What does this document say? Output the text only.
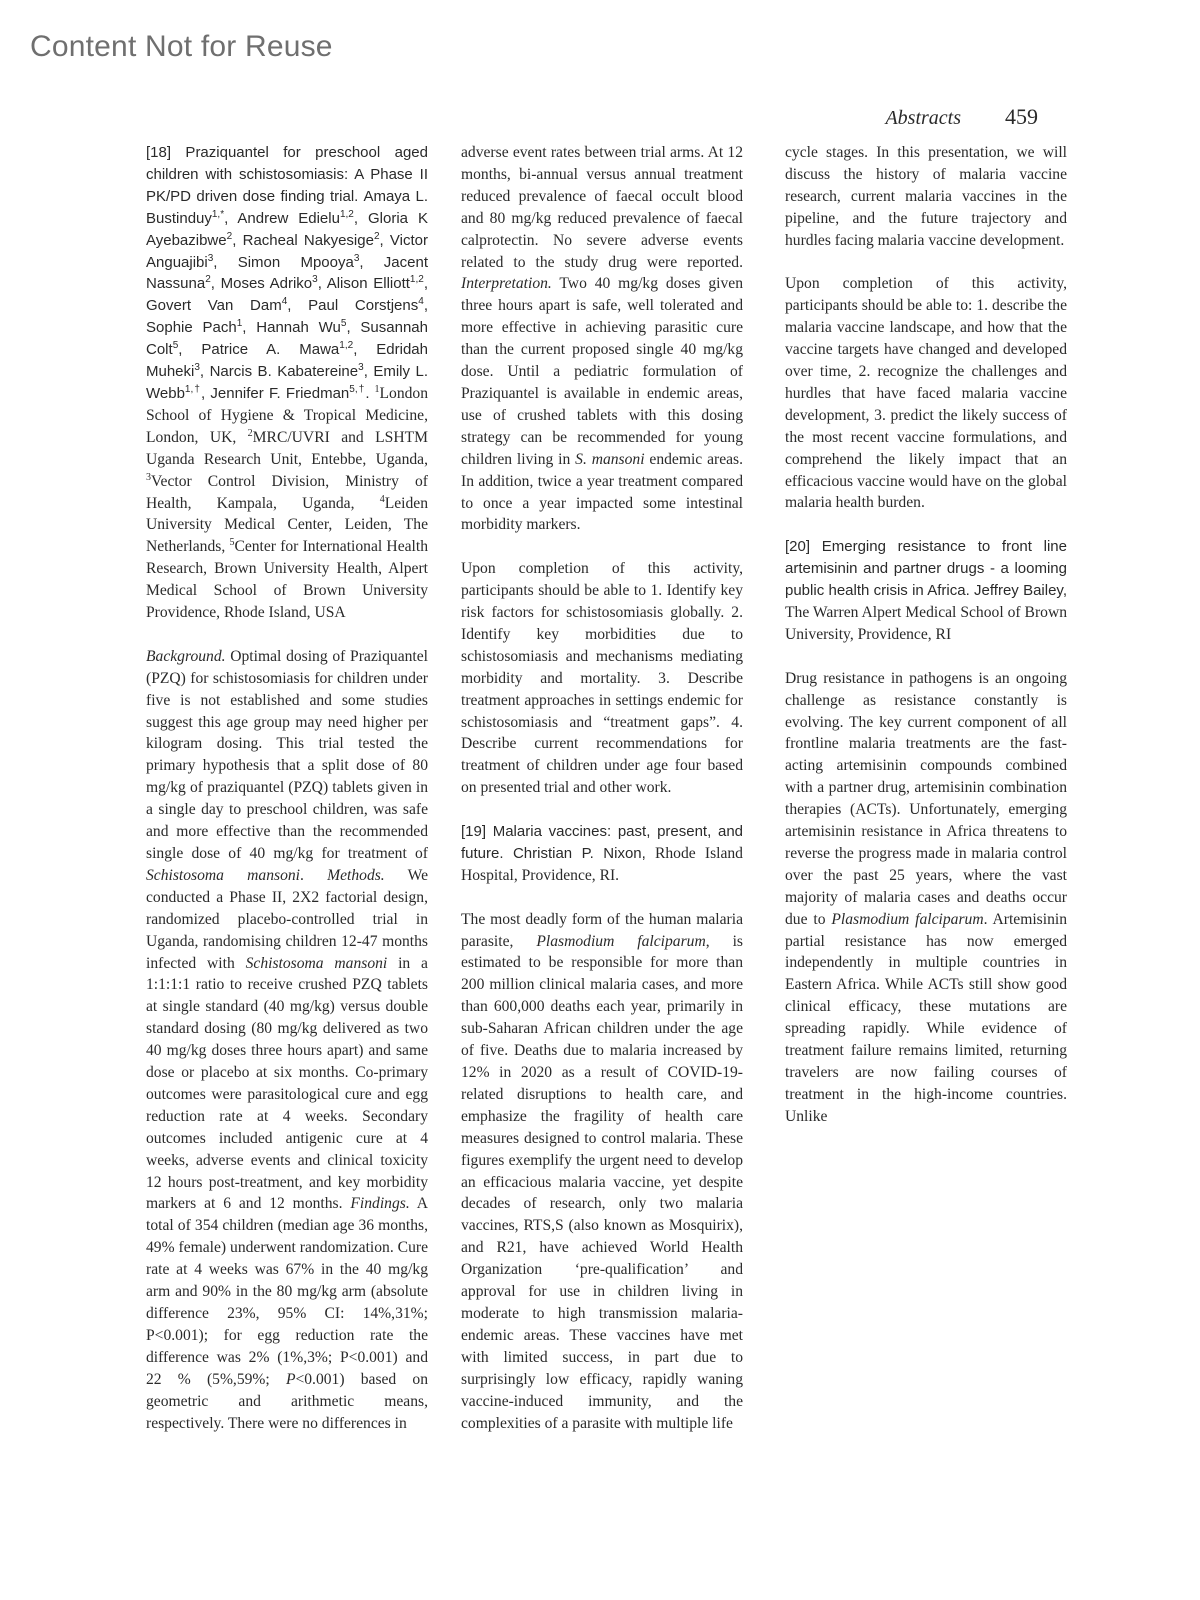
Content Not for Reuse
Abstracts 459

[18] Praziquantel for preschool aged children with schistosomiasis: A Phase II PK/PD driven dose finding trial. Amaya L. Bustinduy$^{1,*}$, Andrew Edielu$^{1,2}$, Gloria K Ayebazibwe$^2$, Racheal Nakyesige$^2$, Victor Anguajibi$^3$, Simon Mpooya$^3$, Jacent Nassuna$^2$, Moses Adriko$^3$, Alison Elliott$^{1,2}$, Govert Van Dam$^4$, Paul Corstjens$^4$, Sophie Pach$^1$, Hannah Wu$^5$, Susannah Colt$^5$, Patrice A. Mawa$^{1,2}$, Edridah Muheki$^3$, Narcis B. Kabatereine$^3$, Emily L. Webb$^{1,\dagger}$, Jennifer F. Friedman$^{5,\dagger}$. $^1$London School of Hygiene & Tropical Medicine, London, UK, $^2$MRC/UVRI and LSHTM Uganda Research Unit, Entebbe, Uganda, $^3$Vector Control Division, Ministry of Health, Kampala, Uganda, $^4$Leiden University Medical Center, Leiden, The Netherlands, $^5$Center for International Health Research, Brown University Health, Alpert Medical School of Brown University Providence, Rhode Island, USA

Background. Optimal dosing of Praziquantel (PZQ) for schistosomiasis for children under five is not established and some studies suggest this age group may need higher per kilogram dosing. This trial tested the primary hypothesis that a split dose of 80 mg/kg of praziquantel (PZQ) tablets given in a single day to preschool children, was safe and more effective than the recommended single dose of 40 mg/kg for treatment of Schistosoma mansoni. Methods. We conducted a Phase II, 2X2 factorial design, randomized placebo-controlled trial in Uganda, randomising children 12-47 months infected with Schistosoma mansoni in a 1:1:1:1 ratio to receive crushed PZQ tablets at single standard (40 mg/kg) versus double standard dosing (80 mg/kg delivered as two 40 mg/kg doses three hours apart) and same dose or placebo at six months. Co-primary outcomes were parasitological cure and egg reduction rate at 4 weeks. Secondary outcomes included antigenic cure at 4 weeks, adverse events and clinical toxicity 12 hours post-treatment, and key morbidity markers at 6 and 12 months. Findings. A total of 354 children (median age 36 months, 49% female) underwent randomization. Cure rate at 4 weeks was 67% in the 40 mg/kg arm and 90% in the 80 mg/kg arm (absolute difference 23%, 95% CI: 14%,31%; P<0.001); for egg reduction rate the difference was 2% (1%,3%; P<0.001) and 22 % (5%,59%; P<0.001) based on geometric and arithmetic means, respectively. There were no differences in

adverse event rates between trial arms. At 12 months, bi-annual versus annual treatment reduced prevalence of faecal occult blood and 80 mg/kg reduced prevalence of faecal calprotectin. No severe adverse events related to the study drug were reported. Interpretation. Two 40 mg/kg doses given three hours apart is safe, well tolerated and more effective in achieving parasitic cure than the current proposed single 40 mg/kg dose. Until a pediatric formulation of Praziquantel is available in endemic areas, use of crushed tablets with this dosing strategy can be recommended for young children living in S. mansoni endemic areas. In addition, twice a year treatment compared to once a year impacted some intestinal morbidity markers.

Upon completion of this activity, participants should be able to 1. Identify key risk factors for schistosomiasis globally. 2. Identify key morbidities due to schistosomiasis and mechanisms mediating morbidity and mortality. 3. Describe treatment approaches in settings endemic for schistosomiasis and “treatment gaps”. 4. Describe current recommendations for treatment of children under age four based on presented trial and other work.

[19] Malaria vaccines: past, present, and future. Christian P. Nixon, Rhode Island Hospital, Providence, RI.

The most deadly form of the human malaria parasite, Plasmodium falciparum, is estimated to be responsible for more than 200 million clinical malaria cases, and more than 600,000 deaths each year, primarily in sub-Saharan African children under the age of five. Deaths due to malaria increased by 12% in 2020 as a result of COVID-19-related disruptions to health care, and emphasize the fragility of health care measures designed to control malaria. These figures exemplify the urgent need to develop an efficacious malaria vaccine, yet despite decades of research, only two malaria vaccines, RTS,S (also known as Mosquirix), and R21, have achieved World Health Organization ‘pre-qualification’ and approval for use in children living in moderate to high transmission malaria-endemic areas. These vaccines have met with limited success, in part due to surprisingly low efficacy, rapidly waning vaccine-induced immunity, and the complexities of a parasite with multiple life

cycle stages. In this presentation, we will discuss the history of malaria vaccine research, current malaria vaccines in the pipeline, and the future trajectory and hurdles facing malaria vaccine development.

Upon completion of this activity, participants should be able to: 1. describe the malaria vaccine landscape, and how that the vaccine targets have changed and developed over time, 2. recognize the challenges and hurdles that have faced malaria vaccine development, 3. predict the likely success of the most recent vaccine formulations, and comprehend the likely impact that an efficacious vaccine would have on the global malaria health burden.

[20] Emerging resistance to front line artemisinin and partner drugs - a looming public health crisis in Africa. Jeffrey Bailey, The Warren Alpert Medical School of Brown University, Providence, RI

Drug resistance in pathogens is an ongoing challenge as resistance constantly is evolving. The key current component of all frontline malaria treatments are the fast-acting artemisinin compounds combined with a partner drug, artemisinin combination therapies (ACTs). Unfortunately, emerging artemisinin resistance in Africa threatens to reverse the progress made in malaria control over the past 25 years, where the vast majority of malaria cases and deaths occur due to Plasmodium falciparum. Artemisinin partial resistance has now emerged independently in multiple countries in Eastern Africa. While ACTs still show good clinical efficacy, these mutations are spreading rapidly. While evidence of treatment failure remains limited, returning travelers are now failing courses of treatment in the high-income countries. Unlike
